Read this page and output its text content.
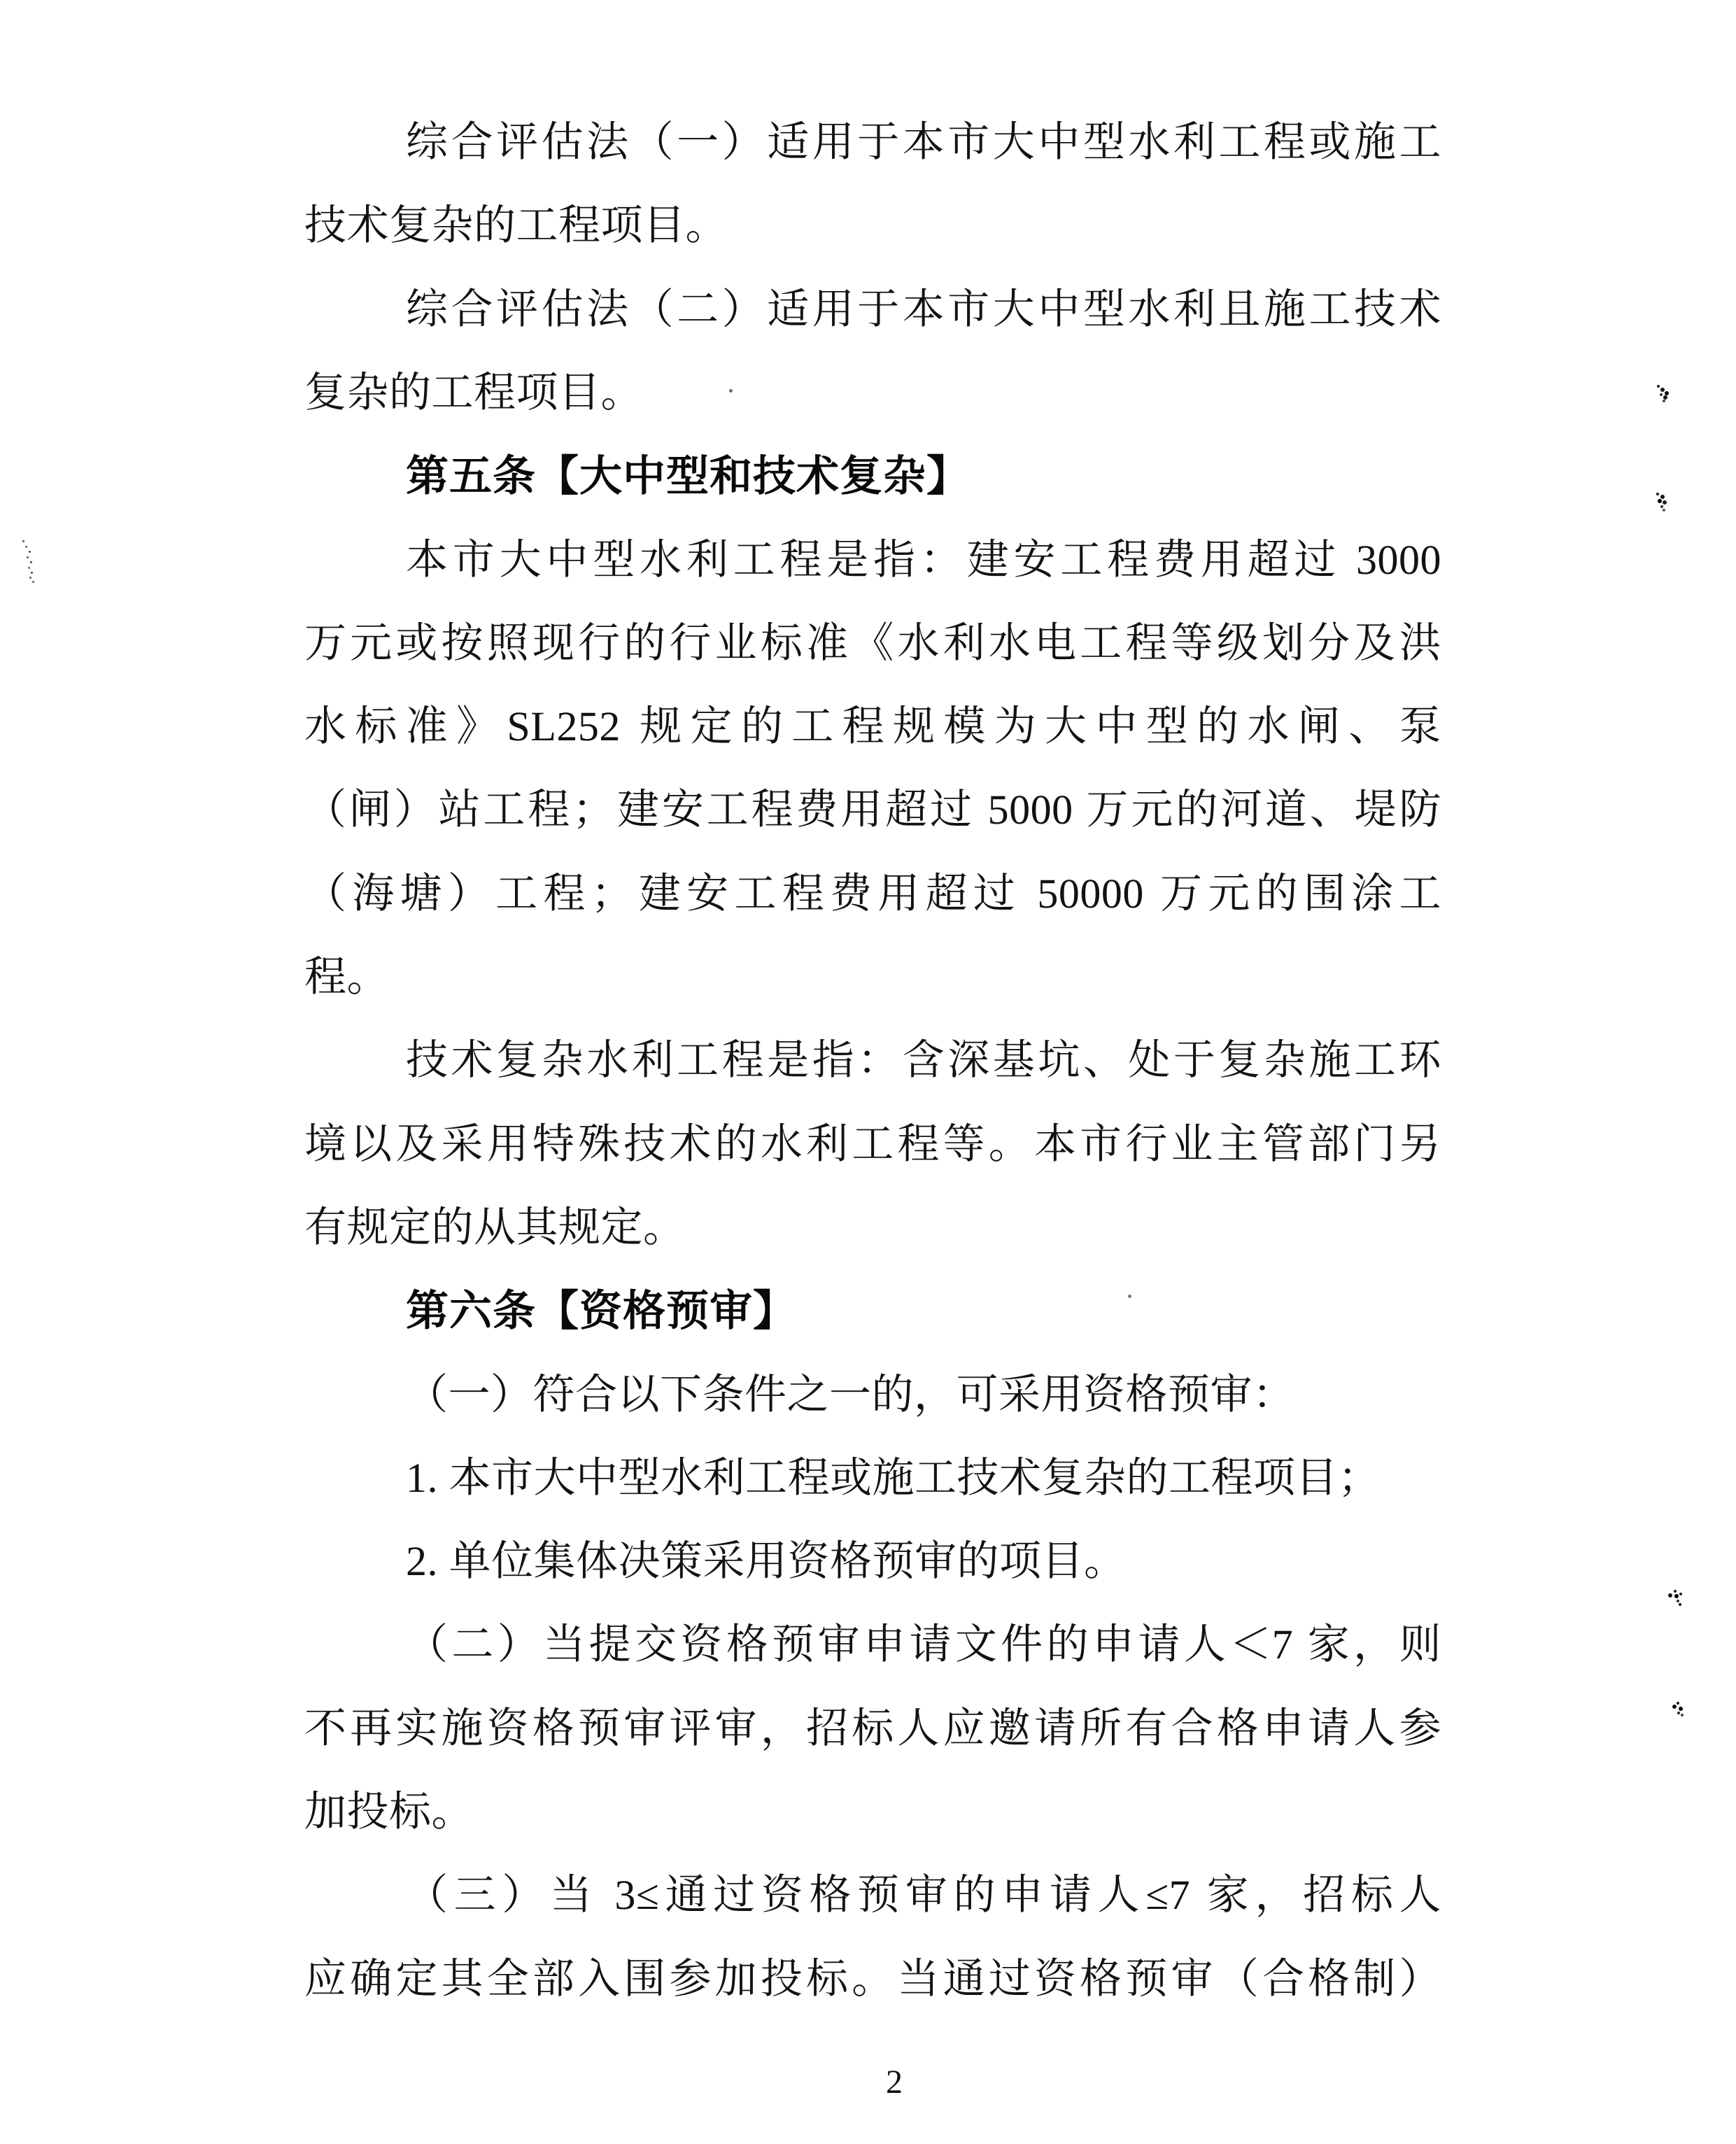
综合评估法（一）适用于本市大中型水利工程或施工
技术复杂的工程项目。
综合评估法（二）适用于本市大中型水利且施工技术
复杂的工程项目。
第五条【大中型和技术复杂】
本市大中型水利工程是指：建安工程费用超过 3000
万元或按照现行的行业标准《水利水电工程等级划分及洪
水标准》SL252 规定的工程规模为大中型的水闸、泵
（闸）站工程；建安工程费用超过 5000 万元的河道、堤防
（海塘）工程；建安工程费用超过 50000 万元的围涂工
程。
技术复杂水利工程是指：含深基坑、处于复杂施工环
境以及采用特殊技术的水利工程等。本市行业主管部门另
有规定的从其规定。
第六条【资格预审】
（一）符合以下条件之一的，可采用资格预审：
1. 本市大中型水利工程或施工技术复杂的工程项目；
2. 单位集体决策采用资格预审的项目。
（二）当提交资格预审申请文件的申请人＜7 家，则
不再实施资格预审评审，招标人应邀请所有合格申请人参
加投标。
（三）当 3≤通过资格预审的申请人≤7 家，招标人
应确定其全部入围参加投标。当通过资格预审（合格制）
2
